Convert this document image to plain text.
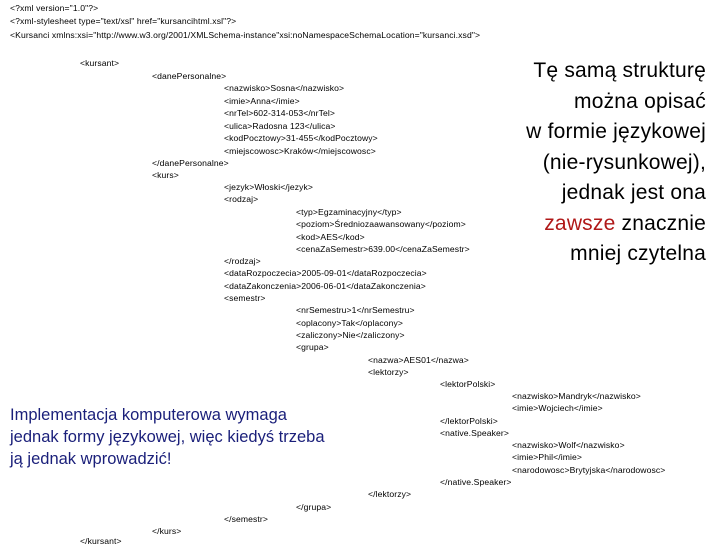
<?xml version="1.0"?>
<?xml-stylesheet type="text/xsl" href="kursancihtml.xsl"?>
<Kursanci xmlns:xsi="http://www.w3.org/2001/XMLSchema-instance"xsi:noNamespaceSchemaLocation="kursanci.xsd">
<kursant>
<danePersonalne>
<nazwisko>Sosna</nazwisko>
<imie>Anna</imie>
<nrTel>602-314-053</nrTel>
<ulica>Radosna 123</ulica>
<kodPocztowy>31-455</kodPocztowy>
<miejscowosc>Kraków</miejscowosc>
</danePersonalne>
<kurs>
<jezyk>Włoski</jezyk>
<rodzaj>
<typ>Egzaminacyjny</typ>
<poziom>Średniozaawansowany</poziom>
<kod>AES</kod>
<cenaZaSemestr>639.00</cenaZaSemestr>
</rodzaj>
<dataRozpoczecia>2005-09-01</dataRozpoczecia>
<dataZakonczenia>2006-06-01</dataZakonczenia>
<semestr>
<nrSemestru>1</nrSemestru>
<oplacony>Tak</oplacony>
<zaliczony>Nie</zaliczony>
<grupa>
<nazwa>AES01</nazwa>
<lektorzy>
<lektorPolski>
<nazwisko>Mandryk</nazwisko>
<imie>Wojciech</imie>
</lektorPolski>
<native.Speaker>
<nazwisko>Wolf</nazwisko>
<imie>Phil</imie>
<narodowosc>Brytyjska</narodowosc>
</native.Speaker>
</lektorzy>
</grupa>
</semestr>
</kurs>
</kursant>
Tę samą strukturę
można opisać
w formie językowej
(nie-rysunkowej),
jednak jest ona
zawsze znacznie
mniej czytelna
Implementacja komputerowa wymaga jednak formy językowej, więc kiedyś trzeba ją jednak wprowadzić!
